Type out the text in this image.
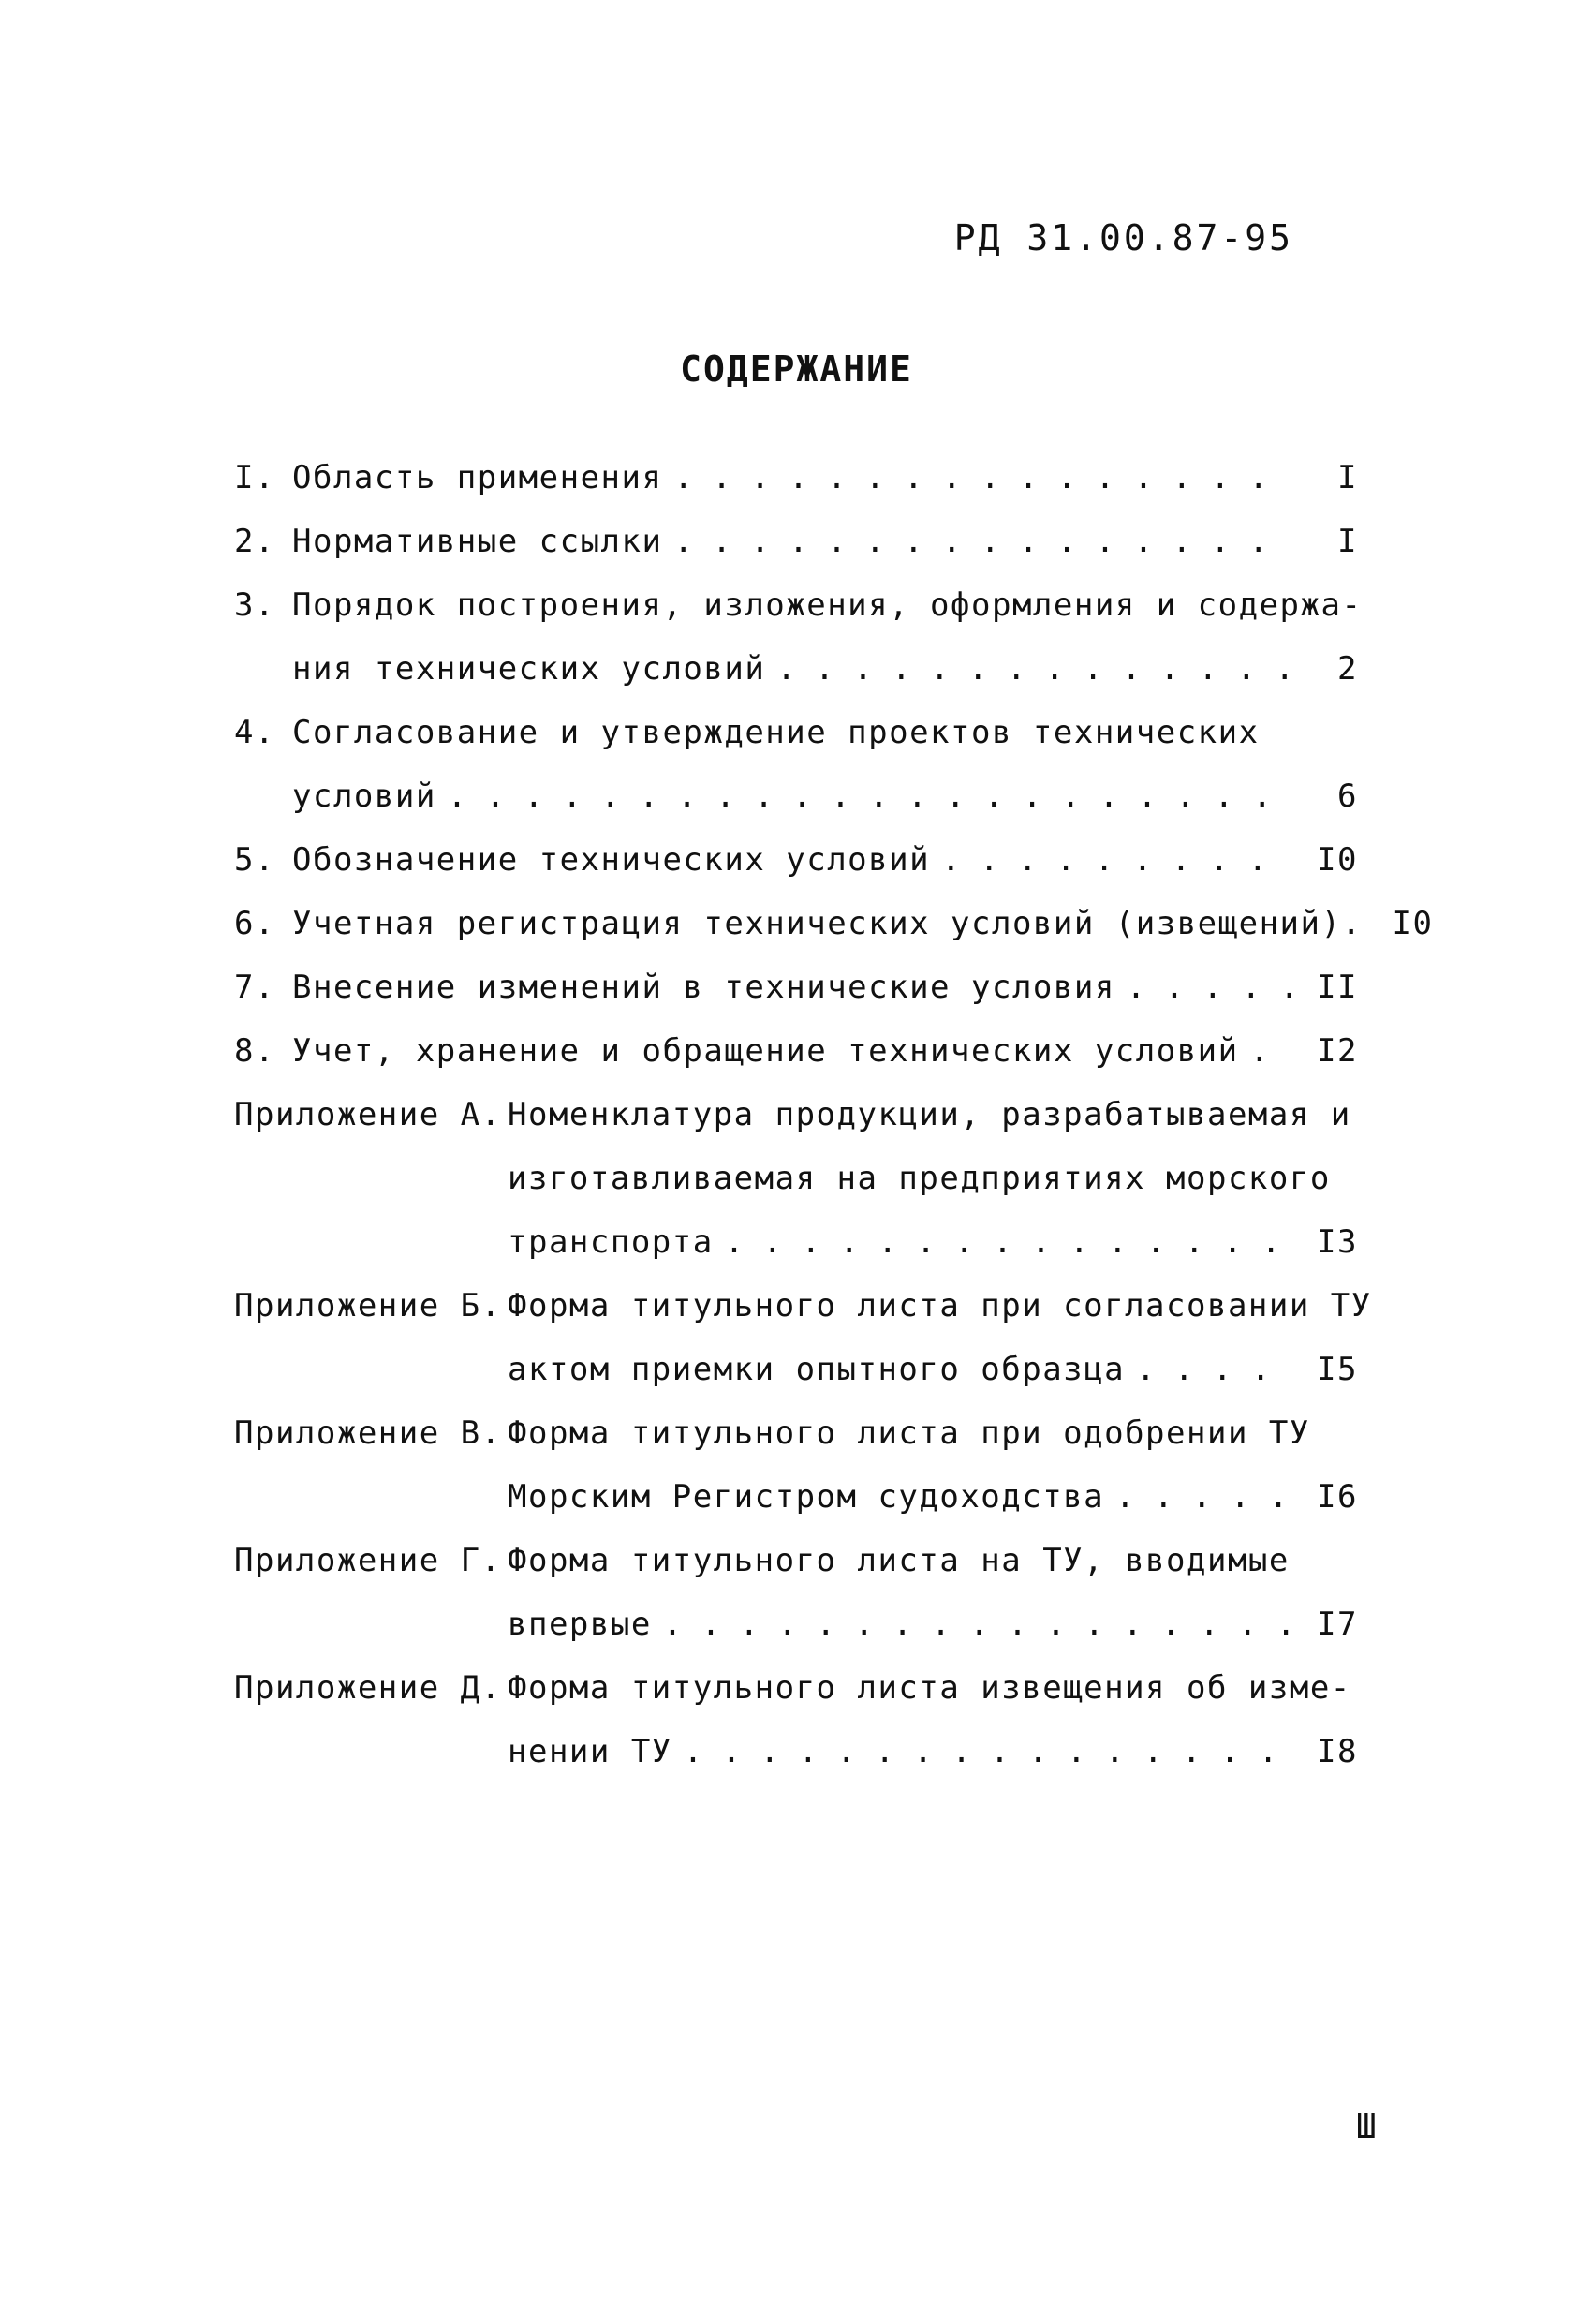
РД 31.00.87-95
СОДЕРЖАНИЕ
I. Область применения . . .	I
2. Нормативные ссылки . . .	I
3. Порядок построения, изложения, оформления и содержа-
ния технических условий . . .	2
4. Согласование и утверждение проектов технических
условий . . .	6
5. Обозначение технических условий . . .	I0
6. Учетная регистрация технических условий (извещений). I0
7. Внесение изменений в технические условия . . .	II
8. Учет, хранение и обращение технических условий . . .	I2
Приложение А. Номенклатура продукции, разрабатываемая и
изготавливаемая на предприятиях морского
транспорта . . .	I3
Приложение Б. Форма титульного листа при согласовании ТУ
актом приемки опытного образца . . .	I5
Приложение В. Форма титульного листа при одобрении ТУ
Морским Регистром судоходства . . .	I6
Приложение Г. Форма титульного листа на ТУ, вводимые
впервые . . .	I7
Приложение Д. Форма титульного листа извещения об изме-
нении ТУ . . .	I8
Ш
